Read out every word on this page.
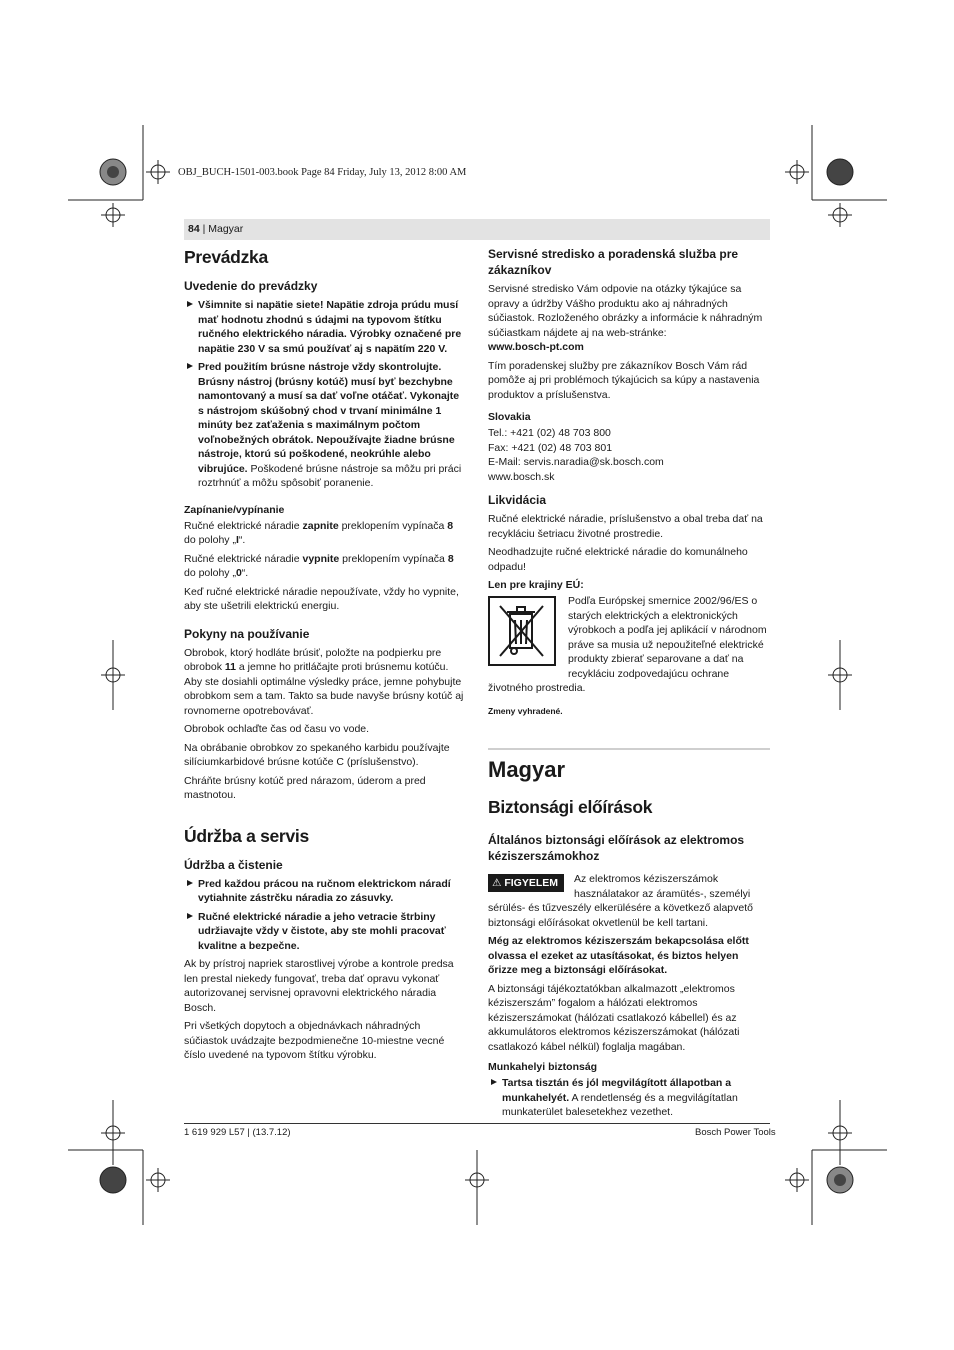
OBJ_BUCH-1501-003.book Page 84 Friday, July 13, 2012 8:00 AM
84 | Magyar
Prevádzka
Uvedenie do prevádzky
Všimnite si napätie siete! Napätie zdroja prúdu musí mať hodnotu zhodnú s údajmi na typovom štítku ručného elektrického náradia. Výrobky označené pre napätie 230 V sa smú používať aj s napätím 220 V.
Pred použitím brúsne nástroje vždy skontrolujte. Brúsny nástroj (brúsny kotúč) musí byť bezchybne namontovaný a musí sa dať voľne otáčať. Vykonajte s nástrojom skúšobný chod v trvaní minimálne 1 minúty bez zaťaženia s maximálnym počtom voľnobežných obrátok. Nepoužívajte žiadne brúsne nástroje, ktorú sú poškodené, neokrúhle alebo vibrujúce. Poškodené brúsne nástroje sa môžu pri práci roztrhnúť a môžu spôsobiť poranenie.
Zapínanie/vypínanie

Ručné elektrické náradie zapnite preklopením vypínača 8 do polohy „I“.

Ručné elektrické náradie vypnite preklopením vypínača 8 do polohy „0“.

Keď ručné elektrické náradie nepoužívate, vždy ho vypnite, aby ste ušetrili elektrickú energiu.

Pokyny na používanie

Obrobok, ktorý hodláte brúsiť, položte na podpierku pre obrobok 11 a jemne ho pritláčajte proti brúsnemu kotúču. Aby ste dosiahli optimálne výsledky práce, jemne pohybujte obrobkom sem a tam. Takto sa bude navyše brúsny kotúč aj rovnomerne opotrebovávať.

Obrobok ochlaďte čas od času vo vode.

Na obrábanie obrobkov zo spekaného karbidu používajte silíciumkarbidové brúsne kotúče C (príslušenstvo).

Chráňte brúsny kotúč pred nárazom, úderom a pred mastnotou.

Údržba a servis
Údržba a čistenie
Pred každou prácou na ručnom elektrickom náradí vytiahnite zástrčku náradia zo zásuvky.
Ručné elektrické náradie a jeho vetracie štrbiny udržiavajte vždy v čistote, aby ste mohli pracovať kvalitne a bezpečne.

Ak by prístroj napriek starostlivej výrobe a kontrole predsa len prestal niekedy fungovať, treba dať opravu vykonať autorizovanej servisnej opravovni elektrického náradia Bosch.

Pri všetkých dopytoch a objednávkach náhradných súčiastok uvádzajte bezpodmienečne 10-miestne vecné číslo uvedené na typovom štítku výrobku.

Servisné stredisko a poradenská služba pre zákazníkov

Servisné stredisko Vám odpovie na otázky týkajúce sa opravy a údržby Vášho produktu ako aj náhradných súčiastok. Rozloženého obrázky a informácie k náhradným súčiastkam nájdete aj na web-stránke:

www.bosch-pt.com

Tím poradenskej služby pre zákazníkov Bosch Vám rád pomôže aj pri problémoch týkajúcich sa kúpy a nastavenia produktov a príslušenstva.

Slovakia
Tel.: +421 (02) 48 703 800
Fax: +421 (02) 48 703 801
E-Mail: servis.naradia@sk.bosch.com
www.bosch.sk
Likvidácia

Ručné elektrické náradie, príslušenstvo a obal treba dať na recykláciu šetriacu životné prostredie.

Neodhadzujte ručné elektrické náradie do komunálneho odpadu!

Len pre krajiny EÚ:

Podľa Európskej smernice 2002/96/ES o starých elektrických a elektronických výrobkoch a podľa jej aplikácií v národnom práve sa musia už nepoužiteľné elektrické produkty zbierať separovane a dať na recykláciu zodpovedajúcu ochrane životného prostredia.

Zmeny vyhradené.
Magyar
Biztonsági előírások
Általános biztonsági előírások az elektromos kéziszerszámokhoz
⚠ FIGYELEM	Az elektromos kéziszerszámok használatakor az áramütés-, személyi sérülés- és tűzveszély elkerülésére a következő alapvető biztonsági előírásokat okvetlenül be kell tartani.

Még az elektromos kéziszerszám bekapcsolása előtt olvassa el ezeket az utasításokat, és biztos helyen őrizze meg a biztonsági előírásokat.

A biztonsági tájékoztatókban alkalmazott „elektromos kéziszerszám” fogalom a hálózati elektromos kéziszerszámokat (hálózati csatlakozó kábellel) és az akkumulátoros elektromos kéziszerszámokat (hálózati csatlakozó kábel nélkül) foglalja magában.

Munkahelyi biztonság
Tartsa tisztán és jól megvilágított állapotban a munkahelyét. A rendetlenség és a megvilágítatlan munkaterület balesetekhez vezethet.
1 619 929 L57 | (13.7.12)	Bosch Power Tools
